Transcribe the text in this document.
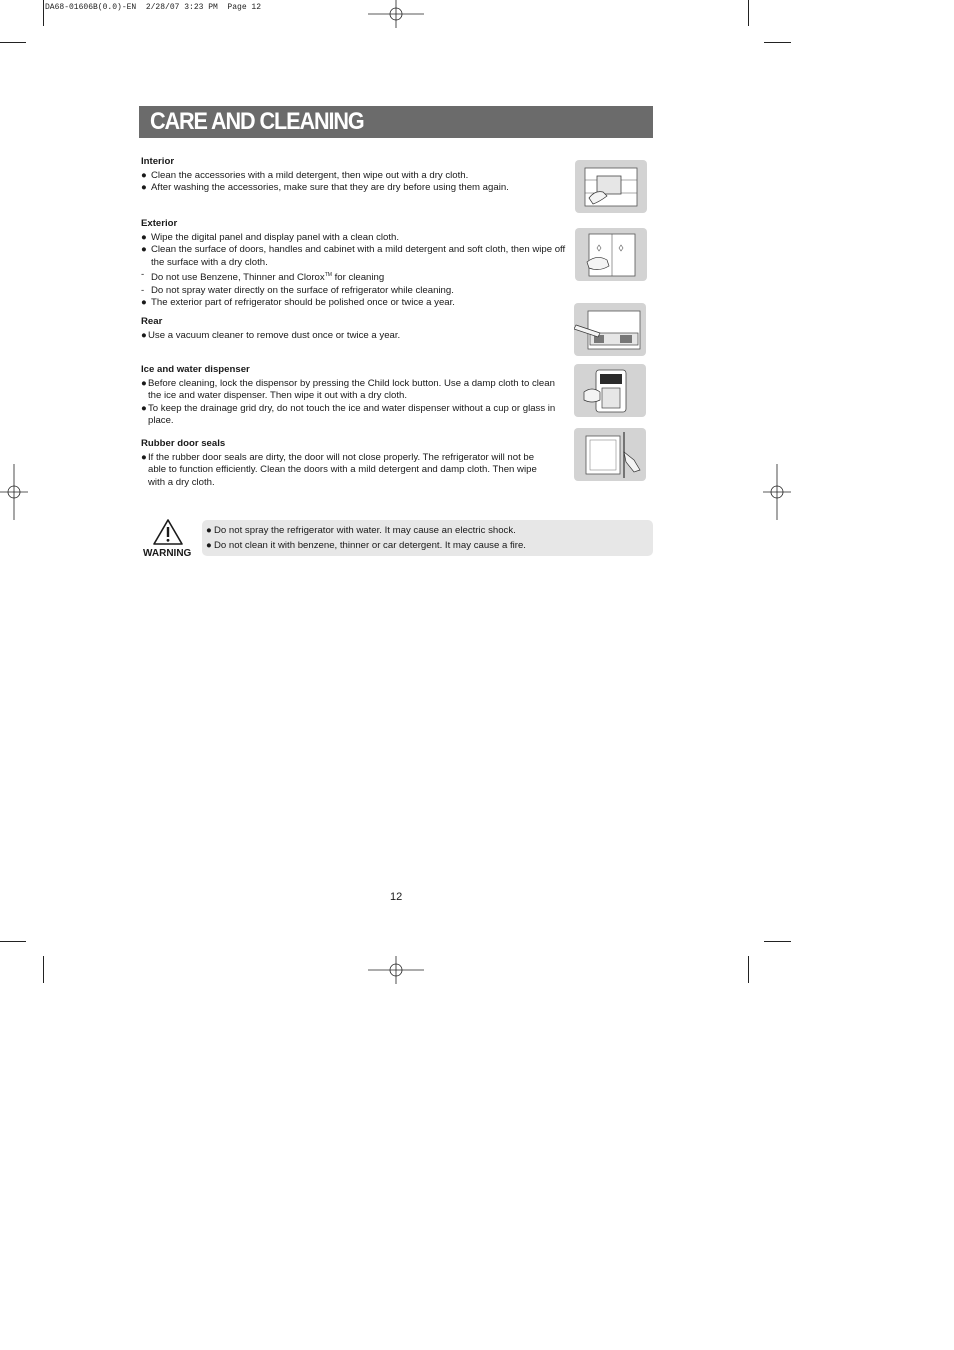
DA68-01606B(0.0)-EN  2/28/07 3:23 PM  Page 12
CARE AND CLEANING
Interior
● Clean the accessories with a mild detergent, then wipe out with a dry cloth.
● After washing the accessories, make sure that they are dry before using them again.
Exterior
● Wipe the digital panel and display panel with a clean cloth.
● Clean the surface of doors, handles and cabinet with a mild detergent and soft cloth, then wipe off the surface with a dry cloth.
- Do not use Benzene, Thinner and Clorox™ for cleaning
- Do not spray water directly on the surface of refrigerator while cleaning.
● The exterior part of refrigerator should be polished once or twice a year.
Rear
● Use a vacuum cleaner to remove dust once or twice a year.
Ice and water dispenser
● Before cleaning, lock the dispensor by pressing the Child lock button. Use a damp cloth to clean the ice and water dispenser. Then wipe it out with a dry cloth.
● To keep the drainage grid dry, do not touch the ice and water dispenser without a cup or glass in place.
Rubber door seals
● If the rubber door seals are dirty, the door will not close properly. The refrigerator will not be able to function efficiently. Clean the doors with a mild detergent and damp cloth. Then wipe with a dry cloth.
WARNING
● Do not spray the refrigerator with water. It may cause an electric shock.
● Do not clean it with benzene, thinner or car detergent. It may cause a fire.
12
